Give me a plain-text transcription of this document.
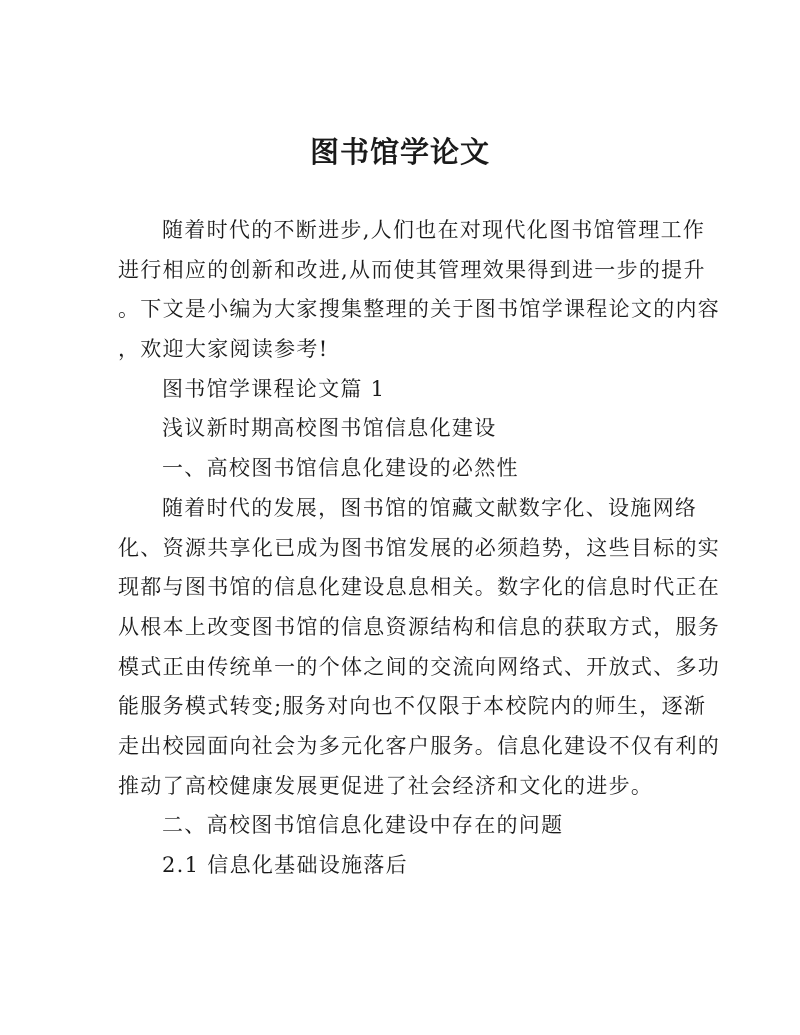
图书馆学论文
随着时代的不断进步,人们也在对现代化图书馆管理工作
进行相应的创新和改进,从而使其管理效果得到进一步的提升
。下文是小编为大家搜集整理的关于图书馆学课程论文的内容
，欢迎大家阅读参考!
图书馆学课程论文篇 1
浅议新时期高校图书馆信息化建设
一、高校图书馆信息化建设的必然性
随着时代的发展，图书馆的馆藏文献数字化、设施网络
化、资源共享化已成为图书馆发展的必须趋势，这些目标的实
现都与图书馆的信息化建设息息相关。数字化的信息时代正在
从根本上改变图书馆的信息资源结构和信息的获取方式，服务
模式正由传统单一的个体之间的交流向网络式、开放式、多功
能服务模式转变;服务对向也不仅限于本校院内的师生，逐渐
走出校园面向社会为多元化客户服务。信息化建设不仅有利的
推动了高校健康发展更促进了社会经济和文化的进步。
二、高校图书馆信息化建设中存在的问题
2.1 信息化基础设施落后
